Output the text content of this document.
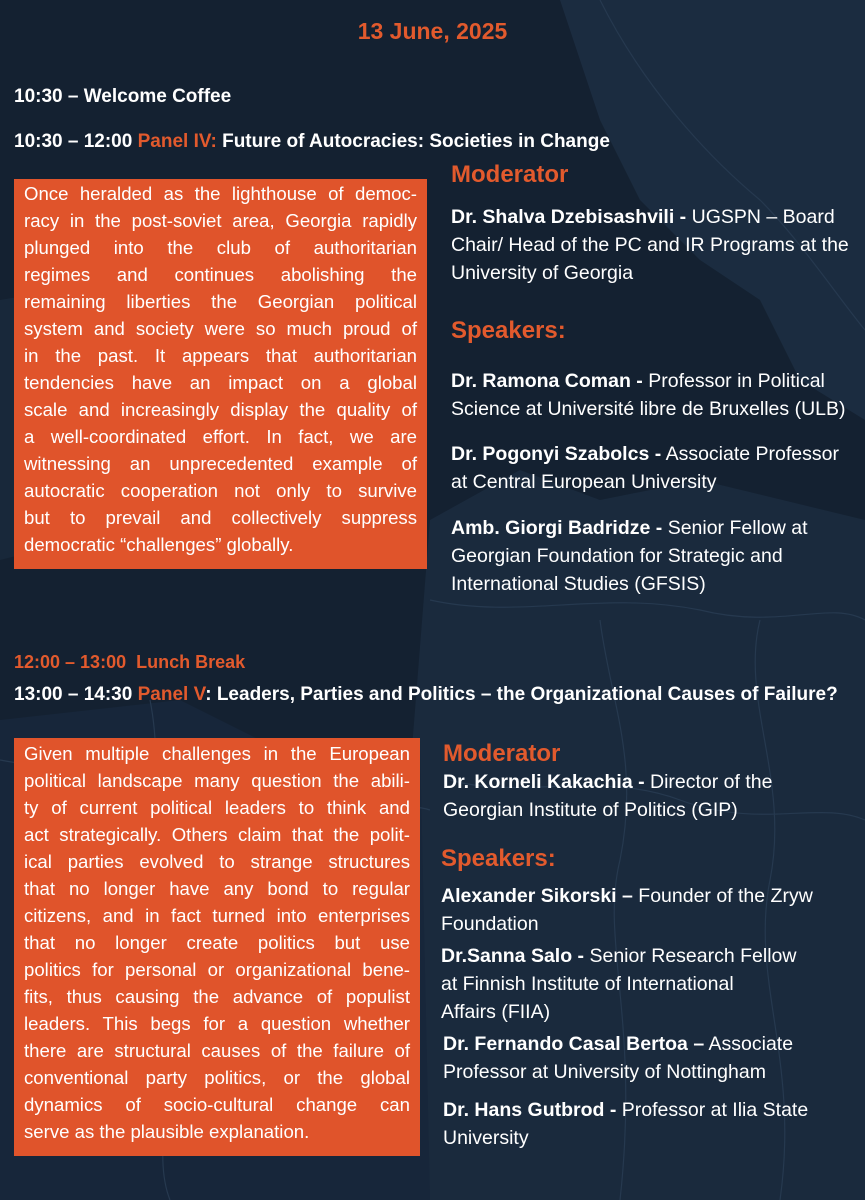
13 June, 2025
10:30 – Welcome Coffee
10:30 – 12:00 Panel IV: Future of Autocracies: Societies in Change
Once heralded as the lighthouse of democ-
racy in the post-soviet area, Georgia rapidly
plunged into the club of authoritarian
regimes and continues abolishing the
remaining liberties the Georgian political
system and society were so much proud of
in the past. It appears that authoritarian
tendencies have an impact on a global
scale and increasingly display the quality of
a well-coordinated effort. In fact, we are
witnessing an unprecedented example of
autocratic cooperation not only to survive
but to prevail and collectively suppress
democratic “challenges” globally.
Moderator
Dr. Shalva Dzebisashvili - UGSPN – Board
Chair/ Head of the PC and IR Programs at the
University of Georgia
Speakers:
Dr. Ramona Coman - Professor in Political
Science at Université libre de Bruxelles (ULB)
Dr. Pogonyi Szabolcs - Associate Professor
at Central European University
Amb. Giorgi Badridze - Senior Fellow at
Georgian Foundation for Strategic and
International Studies (GFSIS)
12:00 – 13:00 Lunch Break
13:00 – 14:30 Panel V: Leaders, Parties and Politics – the Organizational Causes of Failure?
Given multiple challenges in the European
political landscape many question the abili-
ty of current political leaders to think and
act strategically. Others claim that the polit-
ical parties evolved to strange structures
that no longer have any bond to regular
citizens, and in fact turned into enterprises
that no longer create politics but use
politics for personal or organizational bene-
fits, thus causing the advance of populist
leaders. This begs for a question whether
there are structural causes of the failure of
conventional party politics, or the global
dynamics of socio-cultural change can
serve as the plausible explanation.
Moderator
Dr. Korneli Kakachia - Director of the
Georgian Institute of Politics (GIP)
Speakers:
Alexander Sikorski – Founder of the Zryw
Foundation
Dr.Sanna Salo - Senior Research Fellow
at Finnish Institute of International
Affairs (FIIA)
Dr. Fernando Casal Bertoa – Associate
Professor at University of Nottingham
Dr. Hans Gutbrod - Professor at Ilia State
University
